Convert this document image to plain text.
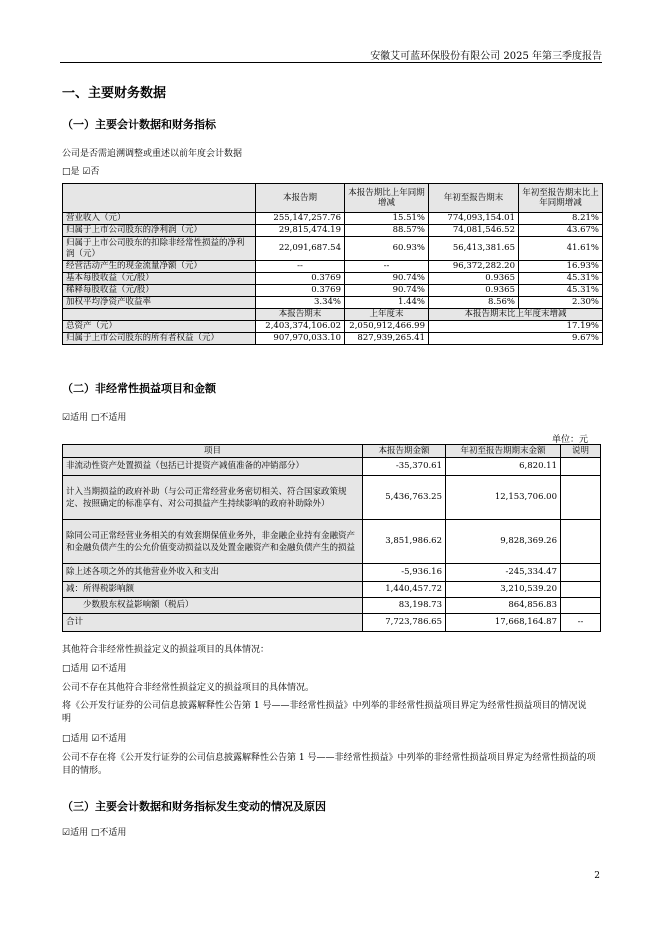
安徽艾可蓝环保股份有限公司 2025 年第三季度报告
一、主要财务数据
（一）主要会计数据和财务指标
公司是否需追溯调整或重述以前年度会计数据
□是 ☑否
	本报告期	本报告期比上年同期增减	年初至报告期末	年初至报告期末比上年同期增减
营业收入（元）	255,147,257.76	15.51%	774,093,154.01	8.21%
归属于上市公司股东的净利润（元）	29,815,474.19	88.57%	74,081,546.52	43.67%
归属于上市公司股东的扣除非经常性损益的净利润（元）	22,091,687.54	60.93%	56,413,381.65	41.61%
经营活动产生的现金流量净额（元）	--	--	96,372,282.20	16.93%
基本每股收益（元/股）	0.3769	90.74%	0.9365	45.31%
稀释每股收益（元/股）	0.3769	90.74%	0.9365	45.31%
加权平均净资产收益率	3.34%	1.44%	8.56%	2.30%
	本报告期末	上年度末	本报告期末比上年度末增减	
总资产（元）	2,403,374,106.02	2,050,912,466.99	17.19%	
归属于上市公司股东的所有者权益（元）	907,970,033.10	827,939,265.41	9.67%	
（二）非经常性损益项目和金额
☑适用 □不适用
单位：元
项目	本报告期金额	年初至报告期期末金额	说明
非流动性资产处置损益（包括已计提资产减值准备的冲销部分）	-35,370.61	6,820.11	
计入当期损益的政府补助（与公司正常经营业务密切相关、符合国家政策规定、按照确定的标准享有、对公司损益产生持续影响的政府补助除外）	5,436,763.25	12,153,706.00	
除同公司正常经营业务相关的有效套期保值业务外，非金融企业持有金融资产和金融负债产生的公允价值变动损益以及处置金融资产和金融负债产生的损益	3,851,986.62	9,828,369.26	
除上述各项之外的其他营业外收入和支出	-5,936.16	-245,334.47	
减：所得税影响额	1,440,457.72	3,210,539.20	
少数股东权益影响额（税后）	83,198.73	864,856.83	
合计	7,723,786.65	17,668,164.87	--
其他符合非经常性损益定义的损益项目的具体情况：
□适用 ☑不适用
公司不存在其他符合非经常性损益定义的损益项目的具体情况。
将《公开发行证券的公司信息披露解释性公告第 1 号——非经常性损益》中列举的非经常性损益项目界定为经常性损益项目的情况说明
□适用 ☑不适用
公司不存在将《公开发行证券的公司信息披露解释性公告第 1 号——非经常性损益》中列举的非经常性损益项目界定为经常性损益的项目的情形。
（三）主要会计数据和财务指标发生变动的情况及原因
☑适用 □不适用
2
